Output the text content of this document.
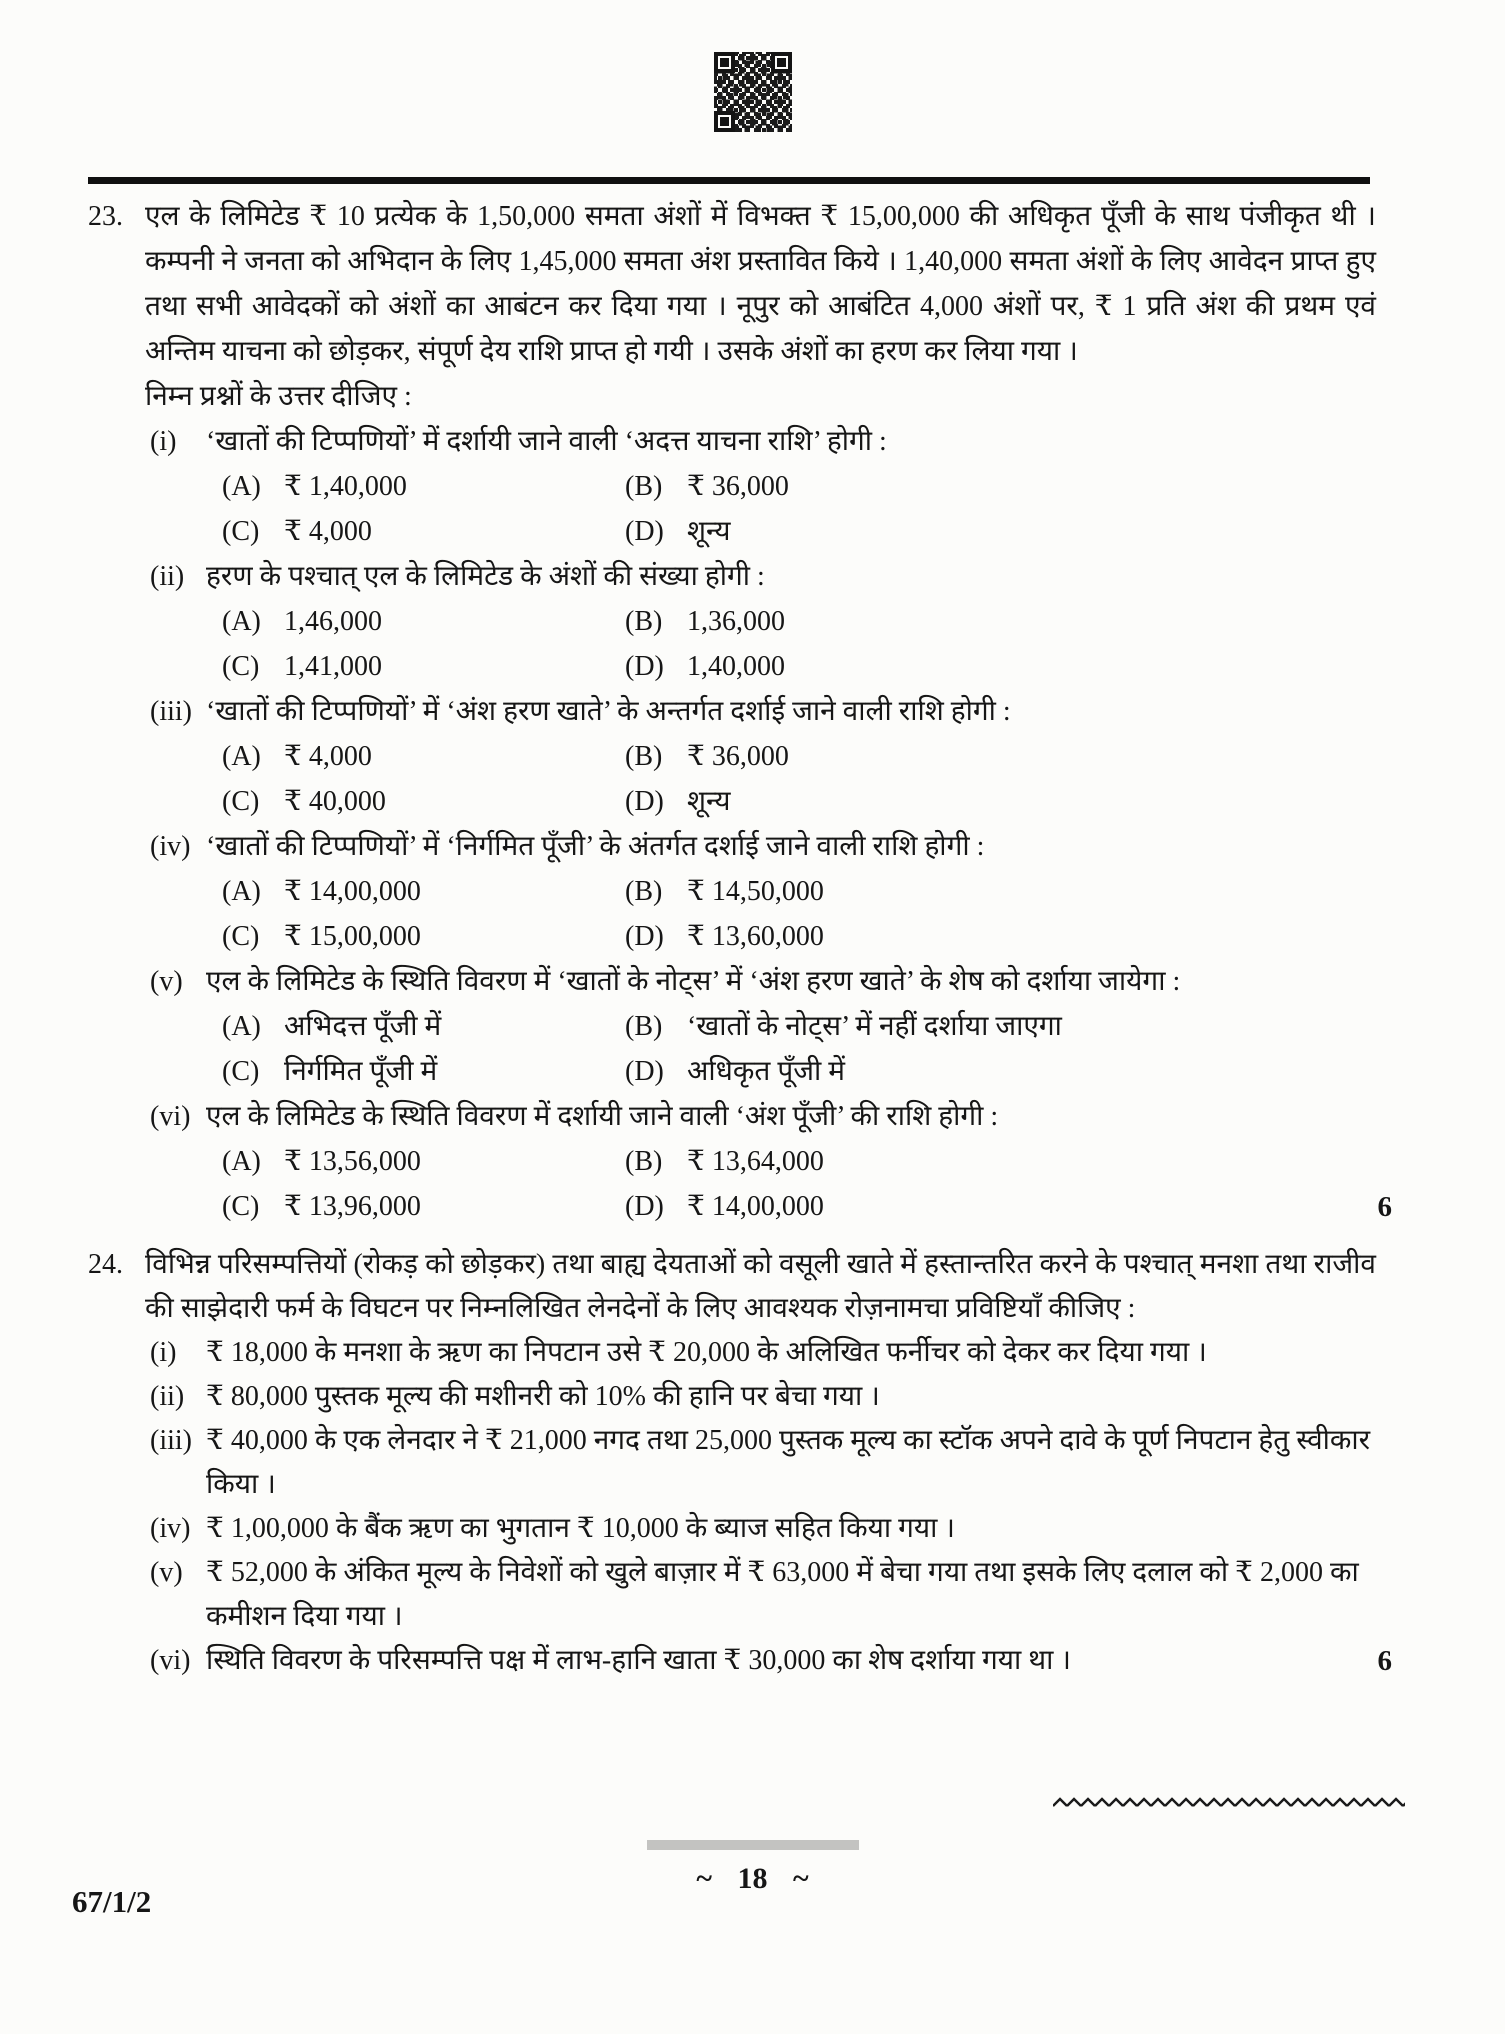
23. एल के लिमिटेड ₹ 10 प्रत्येक के 1,50,000 समता अंशों में विभक्त ₹ 15,00,000 की अधिकृत पूँजी के साथ पंजीकृत थी । कम्पनी ने जनता को अभिदान के लिए 1,45,000 समता अंश प्रस्तावित किये । 1,40,000 समता अंशों के लिए आवेदन प्राप्त हुए तथा सभी आवेदकों को अंशों का आबंटन कर दिया गया । नूपुर को आबंटित 4,000 अंशों पर, ₹ 1 प्रति अंश की प्रथम एवं अन्तिम याचना को छोड़कर, संपूर्ण देय राशि प्राप्त हो गयी । उसके अंशों का हरण कर लिया गया ।

निम्न प्रश्नों के उत्तर दीजिए :

(i)	‘खातों की टिप्पणियों’ में दर्शायी जाने वाली ‘अदत्त याचना राशि’ होगी :

(A) ₹ 1,40,000	(B) ₹ 36,000
(C) ₹ 4,000	(D) शून्य
(ii) हरण के पश्चात् एल के लिमिटेड के अंशों की संख्या होगी :

(A) 1,46,000	(B) 1,36,000
(C) 1,41,000	(D) 1,40,000
(iii) ‘खातों की टिप्पणियों’ में ‘अंश हरण खाते’ के अन्तर्गत दर्शाई जाने वाली राशि होगी :

(A) ₹ 4,000	(B) ₹ 36,000
(C) ₹ 40,000	(D) शून्य
(iv) ‘खातों की टिप्पणियों’ में ‘निर्गमित पूँजी’ के अंतर्गत दर्शाई जाने वाली राशि होगी :

(A) ₹ 14,00,000	(B) ₹ 14,50,000
(C) ₹ 15,00,000	(D) ₹ 13,60,000
(v) एल के लिमिटेड के स्थिति विवरण में ‘खातों के नोट्स’ में ‘अंश हरण खाते’ के शेष को दर्शाया जायेगा :

(A) अभिदत्त पूँजी में	(B) ‘खातों के नोट्स’ में नहीं दर्शाया जाएगा
(C) निर्गमित पूँजी में	(D) अधिकृत पूँजी में
(vi) एल के लिमिटेड के स्थिति विवरण में दर्शायी जाने वाली ‘अंश पूँजी’ की राशि होगी :

(A) ₹ 13,56,000	(B) ₹ 13,64,000
(C) ₹ 13,96,000	(D) ₹ 14,00,000	6
24. विभिन्न परिसम्पत्तियों (रोकड़ को छोड़कर) तथा बाह्य देयताओं को वसूली खाते में हस्तान्तरित करने के पश्चात् मनशा तथा राजीव की साझेदारी फर्म के विघटन पर निम्नलिखित लेनदेनों के लिए आवश्यक रोज़नामचा प्रविष्टियाँ कीजिए :

(i)	₹ 18,000 के मनशा के ऋण का निपटान उसे ₹ 20,000 के अलिखित फर्नीचर को देकर कर दिया गया ।

(ii) ₹ 80,000 पुस्तक मूल्य की मशीनरी को 10% की हानि पर बेचा गया ।

(iii) ₹ 40,000 के एक लेनदार ने ₹ 21,000 नगद तथा 25,000 पुस्तक मूल्य का स्टॉक अपने दावे के पूर्ण निपटान हेतु स्वीकार किया ।

(iv) ₹ 1,00,000 के बैंक ऋण का भुगतान ₹ 10,000 के ब्याज सहित किया गया ।

(v) ₹ 52,000 के अंकित मूल्य के निवेशों को खुले बाज़ार में ₹ 63,000 में बेचा गया तथा इसके लिए दलाल को ₹ 2,000 का कमीशन दिया गया ।

(vi) स्थिति विवरण के परिसम्पत्ति पक्ष में लाभ-हानि खाता ₹ 30,000 का शेष दर्शाया गया था ।	6
67/1/2
~ 18 ~
